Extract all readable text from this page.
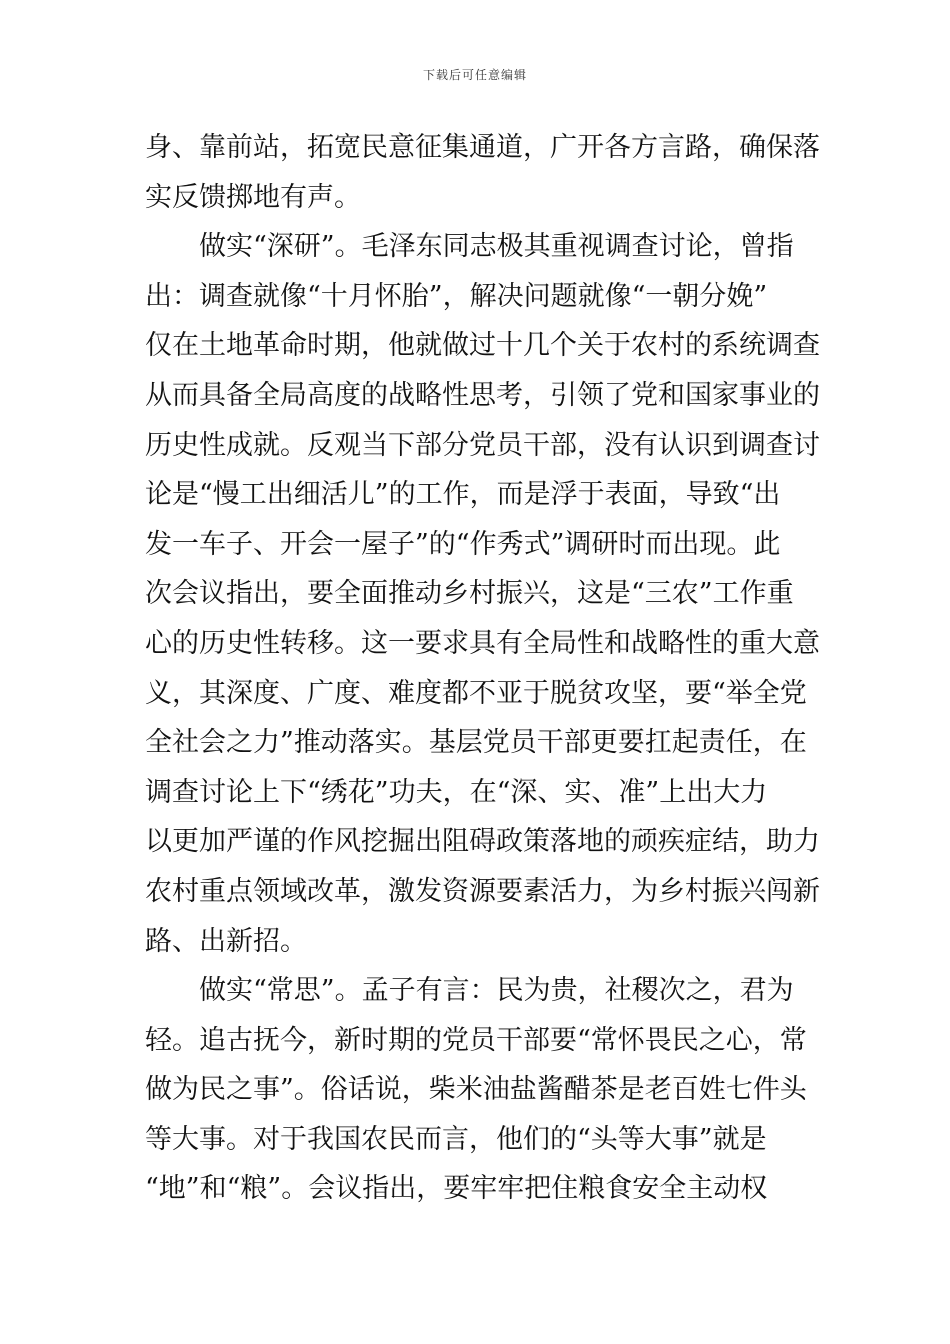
下载后可任意编辑
身、靠前站，拓宽民意征集通道，广开各方言路，确保落
实反馈掷地有声。
做实“深研”。毛泽东同志极其重视调查讨论，曾指
出：调查就像“十月怀胎”，解决问题就像“一朝分娩”
仅在土地革命时期，他就做过十几个关于农村的系统调查
从而具备全局高度的战略性思考，引领了党和国家事业的
历史性成就。反观当下部分党员干部，没有认识到调查讨
论是“慢工出细活儿”的工作，而是浮于表面，导致“出
发一车子、开会一屋子”的“作秀式”调研时而出现。此
次会议指出，要全面推动乡村振兴，这是“三农”工作重
心的历史性转移。这一要求具有全局性和战略性的重大意
义，其深度、广度、难度都不亚于脱贫攻坚，要“举全党
全社会之力”推动落实。基层党员干部更要扛起责任，在
调查讨论上下“绣花”功夫，在“深、实、准”上出大力
以更加严谨的作风挖掘出阻碍政策落地的顽疾症结，助力
农村重点领域改革，激发资源要素活力，为乡村振兴闯新
路、出新招。
做实“常思”。孟子有言：民为贵，社稷次之，君为
轻。追古抚今，新时期的党员干部要“常怀畏民之心，常
做为民之事”。俗话说，柴米油盐酱醋茶是老百姓七件头
等大事。对于我国农民而言，他们的“头等大事”就是
“地”和“粮”。会议指出，要牢牢把住粮食安全主动权
